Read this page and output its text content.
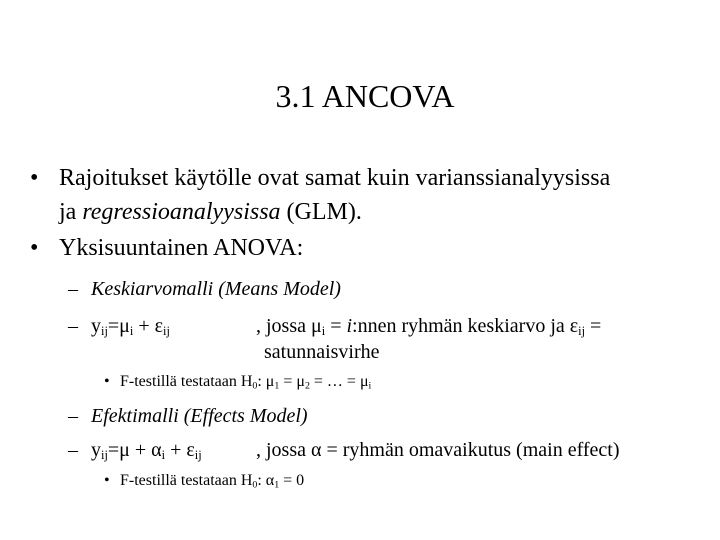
3.1 ANCOVA
• Rajoitukset käytölle ovat samat kuin varianssianalyysissa
ja regressioanalyysissa (GLM).
• Yksisuuntainen ANOVA:
– Keskiarvomalli (Means Model)
– $y_{ij}=\mu_i + \varepsilon_{ij}$	, jossa $\mu_i$ = i:nnen ryhmän keskiarvo ja $\varepsilon_{ij}$ =
satunnaisvirhe
• F-testillä testataan $H_0$: $\mu_1 = \mu_2$ = … = $\mu_i$
– Efektimalli (Effects Model)
– $y_{ij}=\mu + \alpha_i + \varepsilon_{ij}$	, jossa α = ryhmän omavaikutus (main effect)
• F-testillä testataan $H_0$: $\alpha_1 = 0$
